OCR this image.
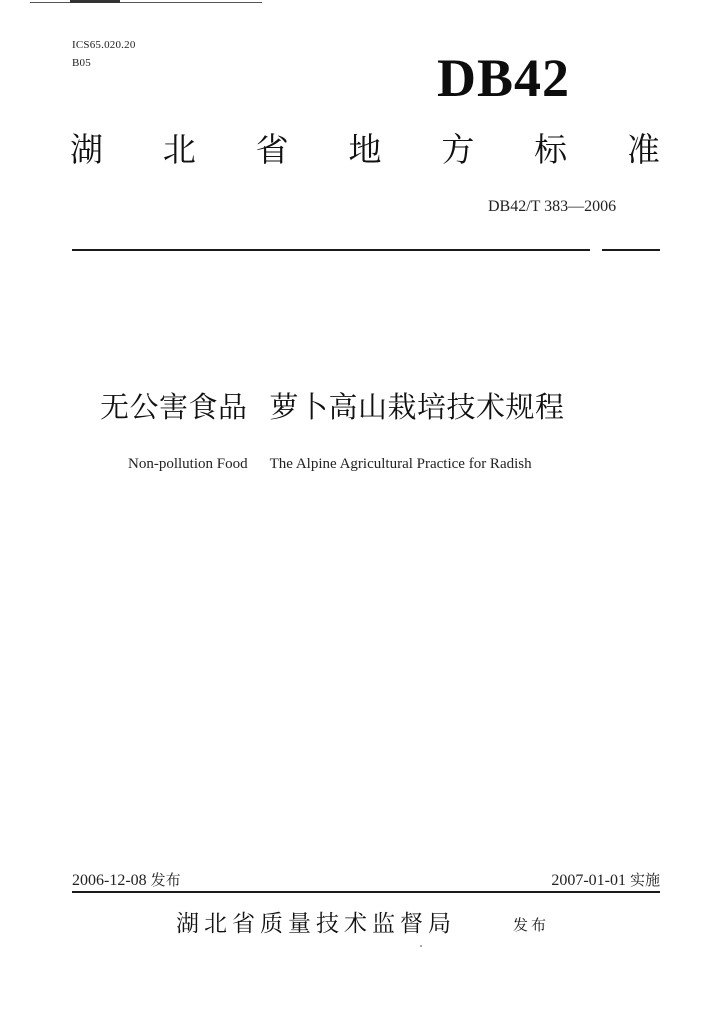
ICS65.020.20
B05	DB42
湖 北 省 地 方 标 准
DB42/T 383—2006
无公害食品 萝卜高山栽培技术规程
Non-pollution Food The Alpine Agricultural Practice for Radish
2006-12-08 发布	2007-01-01 实施
湖北省质量技术监督局	发布
